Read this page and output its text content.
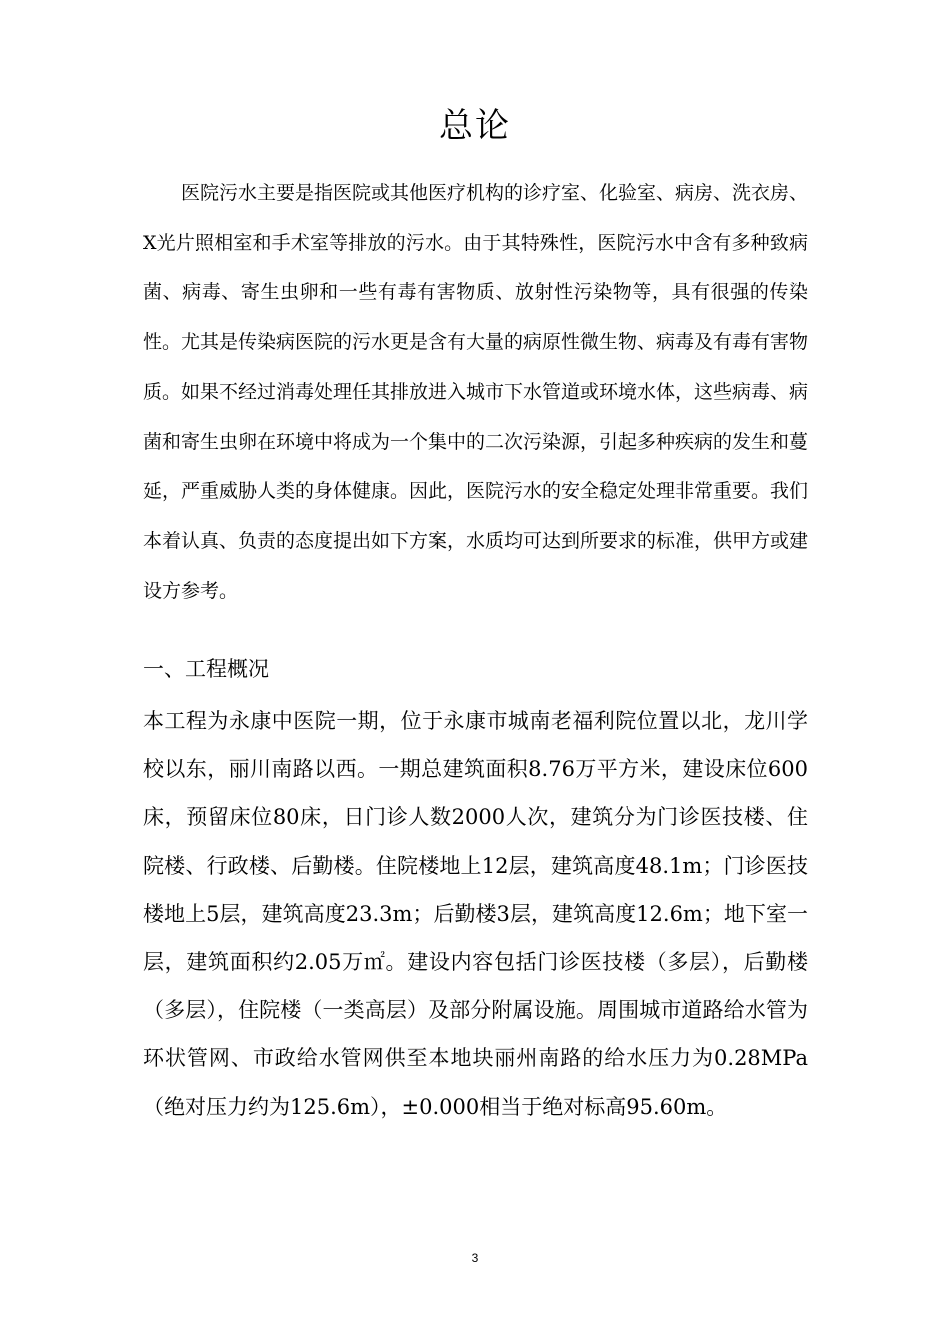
总论

医院污水主要是指医院或其他医疗机构的诊疗室、化验室、病房、洗衣房、X光片照相室和手术室等排放的污水。由于其特殊性，医院污水中含有多种致病菌、病毒、寄生虫卵和一些有毒有害物质、放射性污染物等，具有很强的传染性。尤其是传染病医院的污水更是含有大量的病原性微生物、病毒及有毒有害物质。如果不经过消毒处理任其排放进入城市下水管道或环境水体，这些病毒、病菌和寄生虫卵在环境中将成为一个集中的二次污染源，引起多种疾病的发生和蔓延，严重威胁人类的身体健康。因此，医院污水的安全稳定处理非常重要。我们本着认真、负责的态度提出如下方案，水质均可达到所要求的标准，供甲方或建设方参考。

一、工程概况

本工程为永康中医院一期，位于永康市城南老福利院位置以北，龙川学校以东，丽川南路以西。一期总建筑面积8.76万平方米，建设床位600床，预留床位80床，日门诊人数2000人次，建筑分为门诊医技楼、住院楼、行政楼、后勤楼。住院楼地上12层，建筑高度48.1m；门诊医技楼地上5层，建筑高度23.3m；后勤楼3层，建筑高度12.6m；地下室一层，建筑面积约2.05万㎡。建设内容包括门诊医技楼（多层），后勤楼（多层），住院楼（一类高层）及部分附属设施。周围城市道路给水管为环状管网、市政给水管网供至本地块丽州南路的给水压力为0.28MPa（绝对压力约为125.6m），±0.000相当于绝对标高95.60m。

3
